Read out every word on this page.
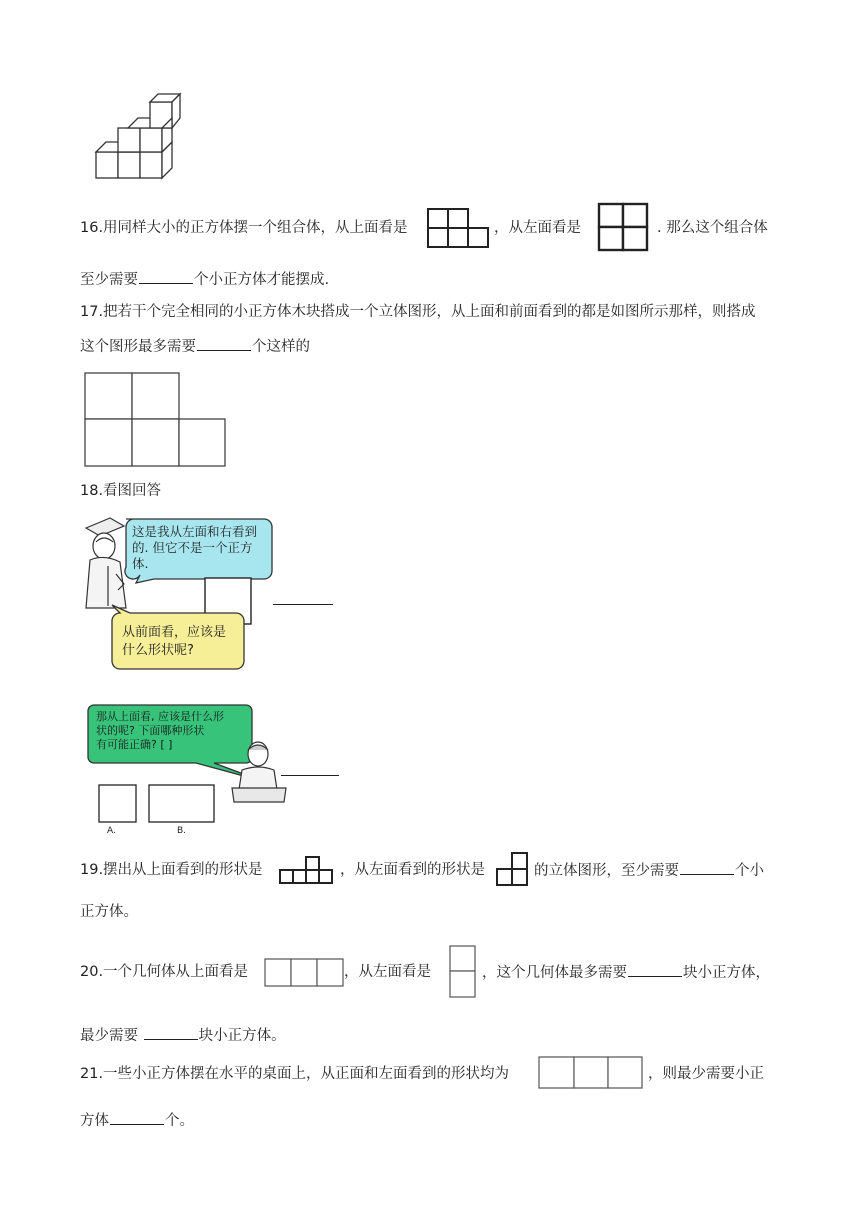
16.用同样大小的正方体摆一个组合体，从上面看是	，从左面看是	. 那么这个组合体
至少需要	个小正方体才能摆成.
17.把若干个完全相同的小正方体木块搭成一个立体图形，从上面和前面看到的都是如图所示那样，则搭成
这个图形最多需要	个这样的
18.看图回答
这是我从左面和右看到
的. 但它不是一个正方
体.
从前面看，应该是
什么形状呢?
那从上面看, 应该是什么形
状的呢? 下面哪种形状
有可能正确? [ ]
A.	B.
19.摆出从上面看到的形状是	，从左面看到的形状是	的立体图形，至少需要	个小
正方体。
20.一个几何体从上面看是	，从左面看是	，这个几何体最多需要	块小正方体，
最少需要	块小正方体。
21.一些小正方体摆在水平的桌面上，从正面和左面看到的形状均为	，则最少需要小正
方体	个。
